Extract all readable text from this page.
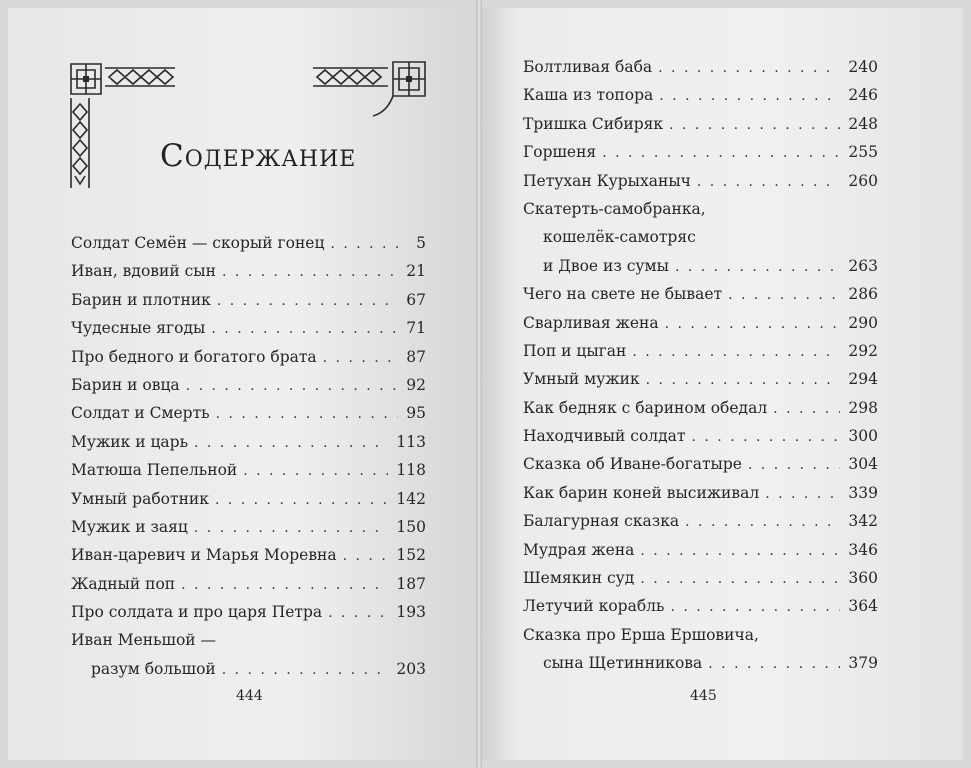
Содержание
Солдат Семён — скорый гонец . . .	5
Иван, вдовий сын . . .	21
Барин и плотник . . .	67
Чудесные ягоды . . .	71
Про бедного и богатого брата . . .	87
Барин и овца . . .	92
Солдат и Смерть . . .	95
Мужик и царь . . .	113
Матюша Пепельной . . .	118
Умный работник . . .	142
Мужик и заяц . . .	150
Иван-царевич и Марья Моревна . . .	152
Жадный поп . . .	187
Про солдата и про царя Петра . . .	193
Иван Меньшой —
разум большой . . .	203
444
Болтливая баба . . .	240
Каша из топора . . .	246
Тришка Сибиряк . . .	248
Горшеня . . .	255
Петухан Курыханыч . . .	260
Скатерть-самобранка,
кошелёк-самотряс
и Двое из сумы . . .	263
Чего на свете не бывает . . .	286
Сварливая жена . . .	290
Поп и цыган . . .	292
Умный мужик . . .	294
Как бедняк с барином обедал . . .	298
Находчивый солдат . . .	300
Сказка об Иване-богатыре . . .	304
Как барин коней высиживал . . .	339
Балагурная сказка . . .	342
Мудрая жена . . .	346
Шемякин суд . . .	360
Летучий корабль . . .	364
Сказка про Ерша Ершовича,
сына Щетинникова . . .	379
445
